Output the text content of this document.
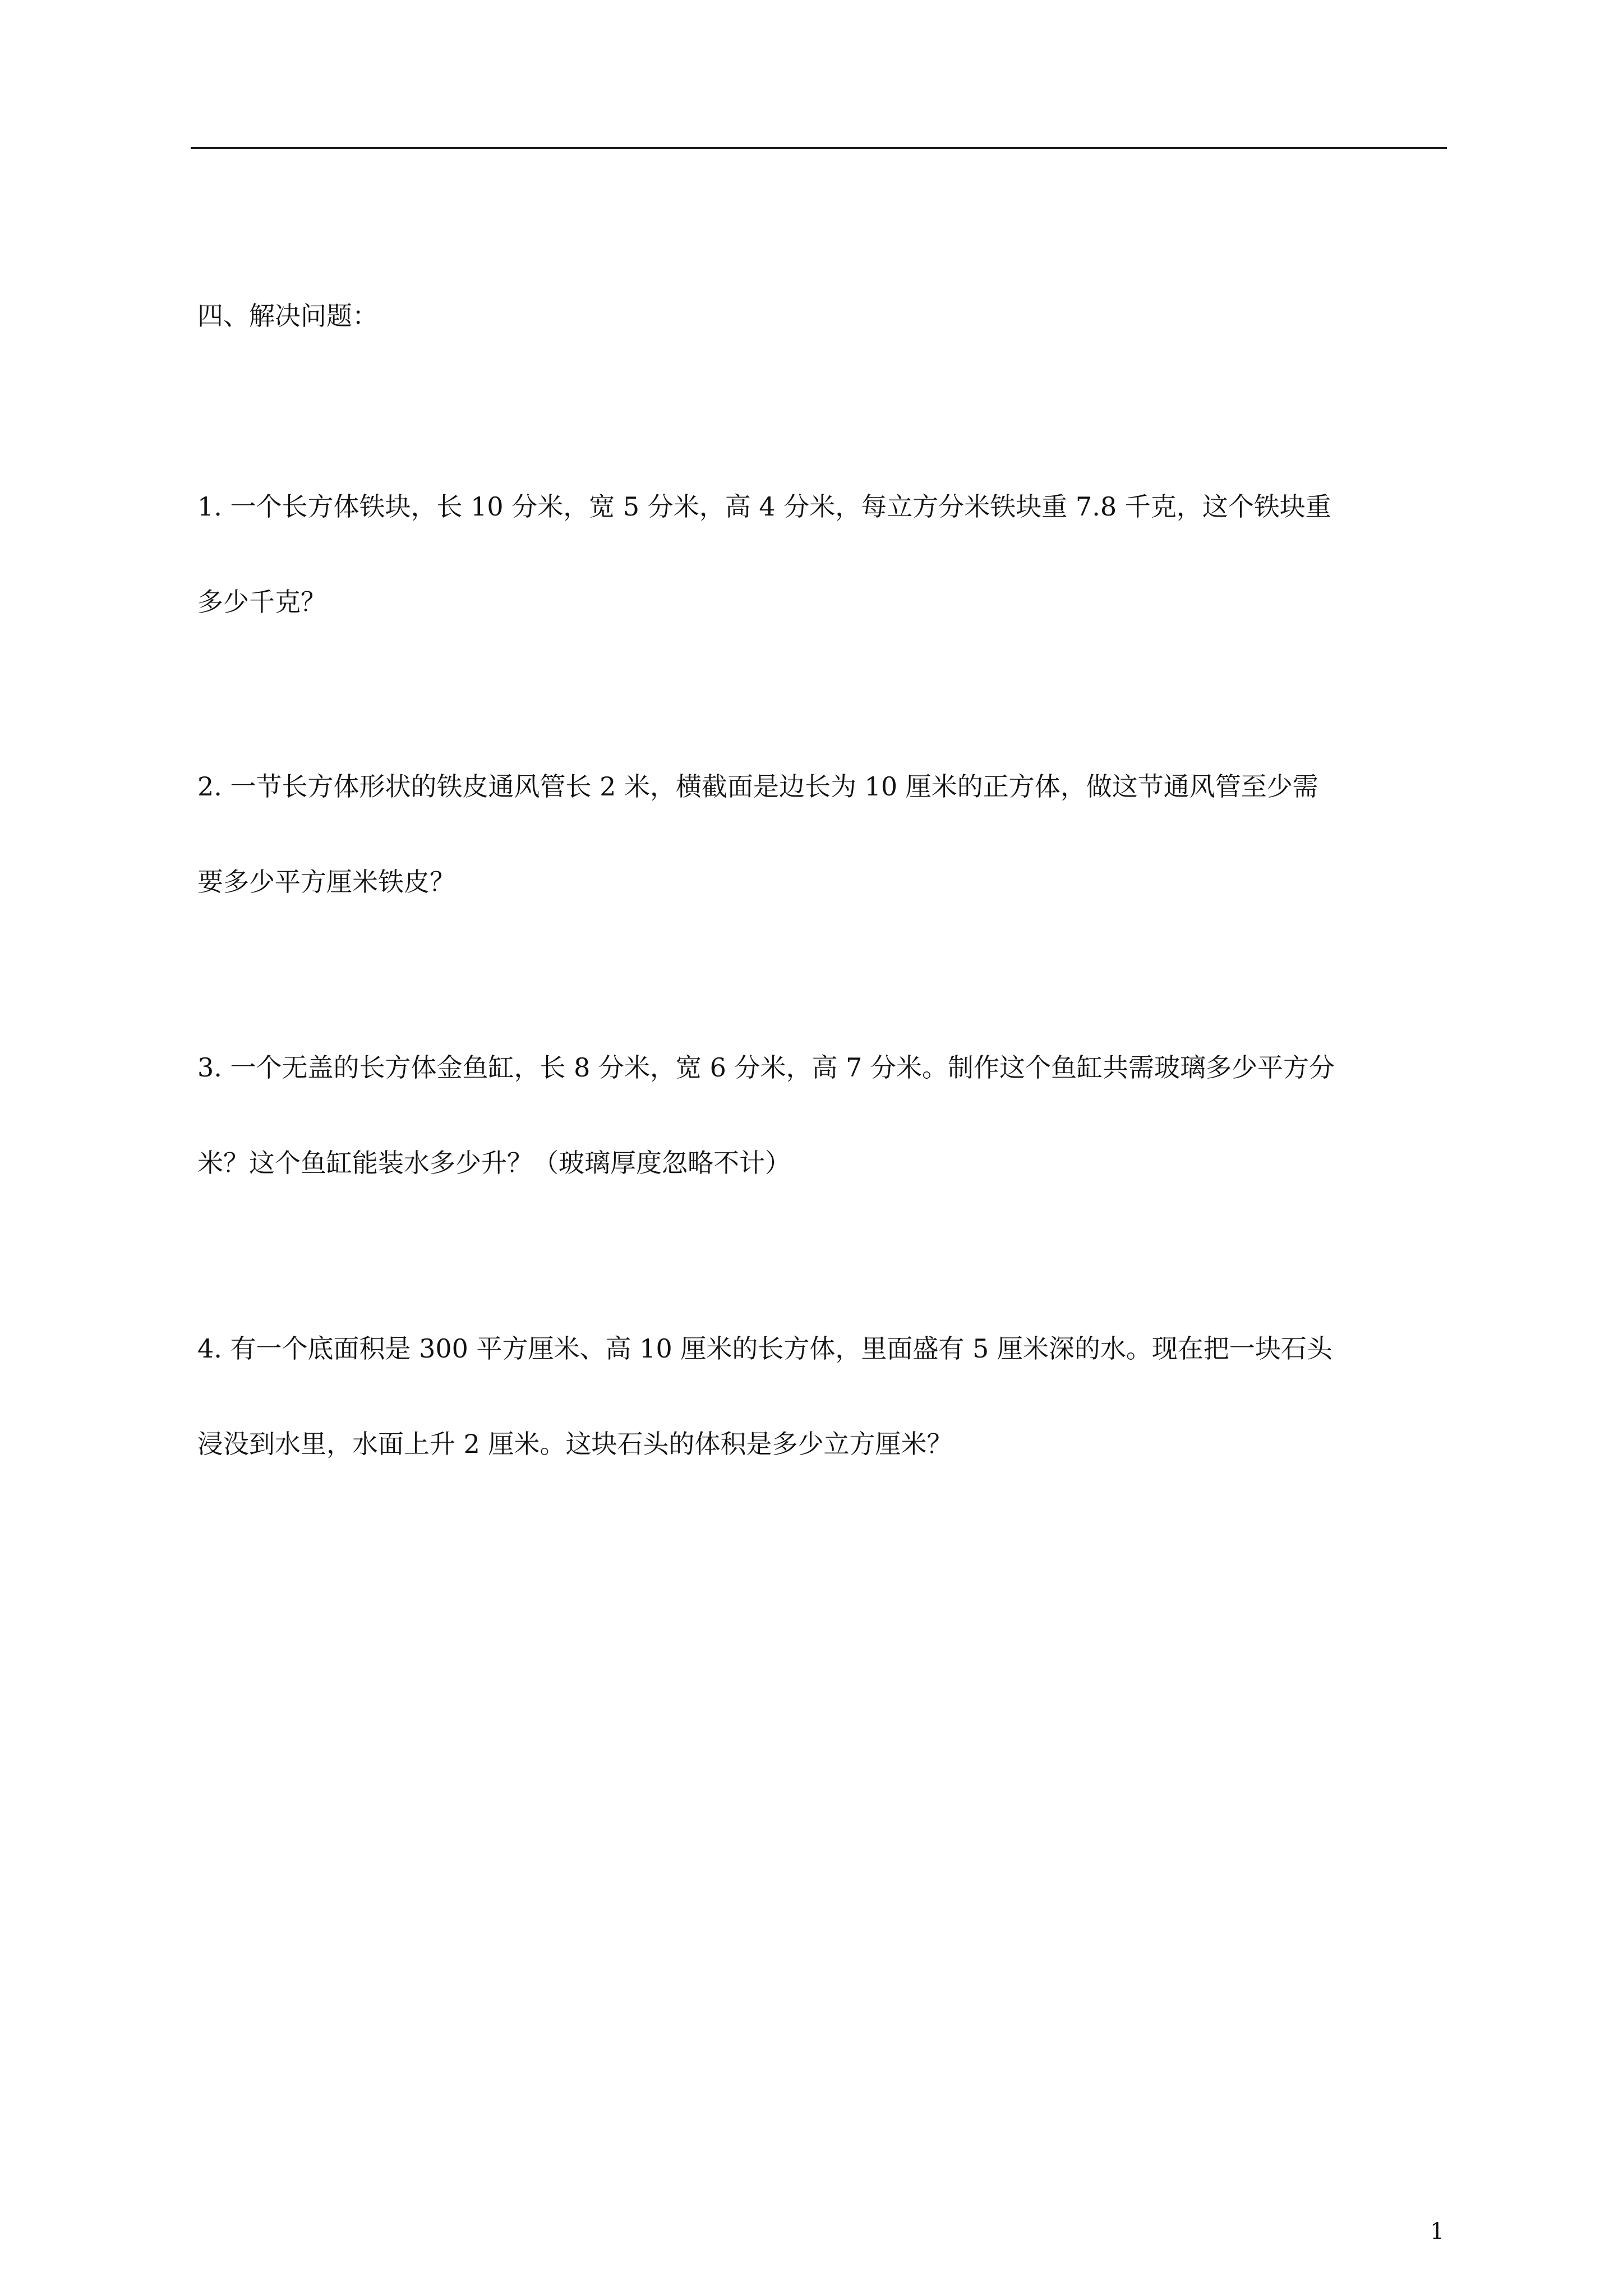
四、解决问题：
1. 一个长方体铁块，长 10 分米，宽 5 分米，高 4 分米，每立方分米铁块重 7.8 千克，这个铁块重
多少千克？
2. 一节长方体形状的铁皮通风管长 2 米，横截面是边长为 10 厘米的正方体，做这节通风管至少需
要多少平方厘米铁皮？
3. 一个无盖的长方体金鱼缸，长 8 分米，宽 6 分米，高 7 分米。制作这个鱼缸共需玻璃多少平方分
米？这个鱼缸能装水多少升？（玻璃厚度忽略不计）
4. 有一个底面积是 300 平方厘米、高 10 厘米的长方体，里面盛有 5 厘米深的水。现在把一块石头
浸没到水里，水面上升 2 厘米。这块石头的体积是多少立方厘米？
1
